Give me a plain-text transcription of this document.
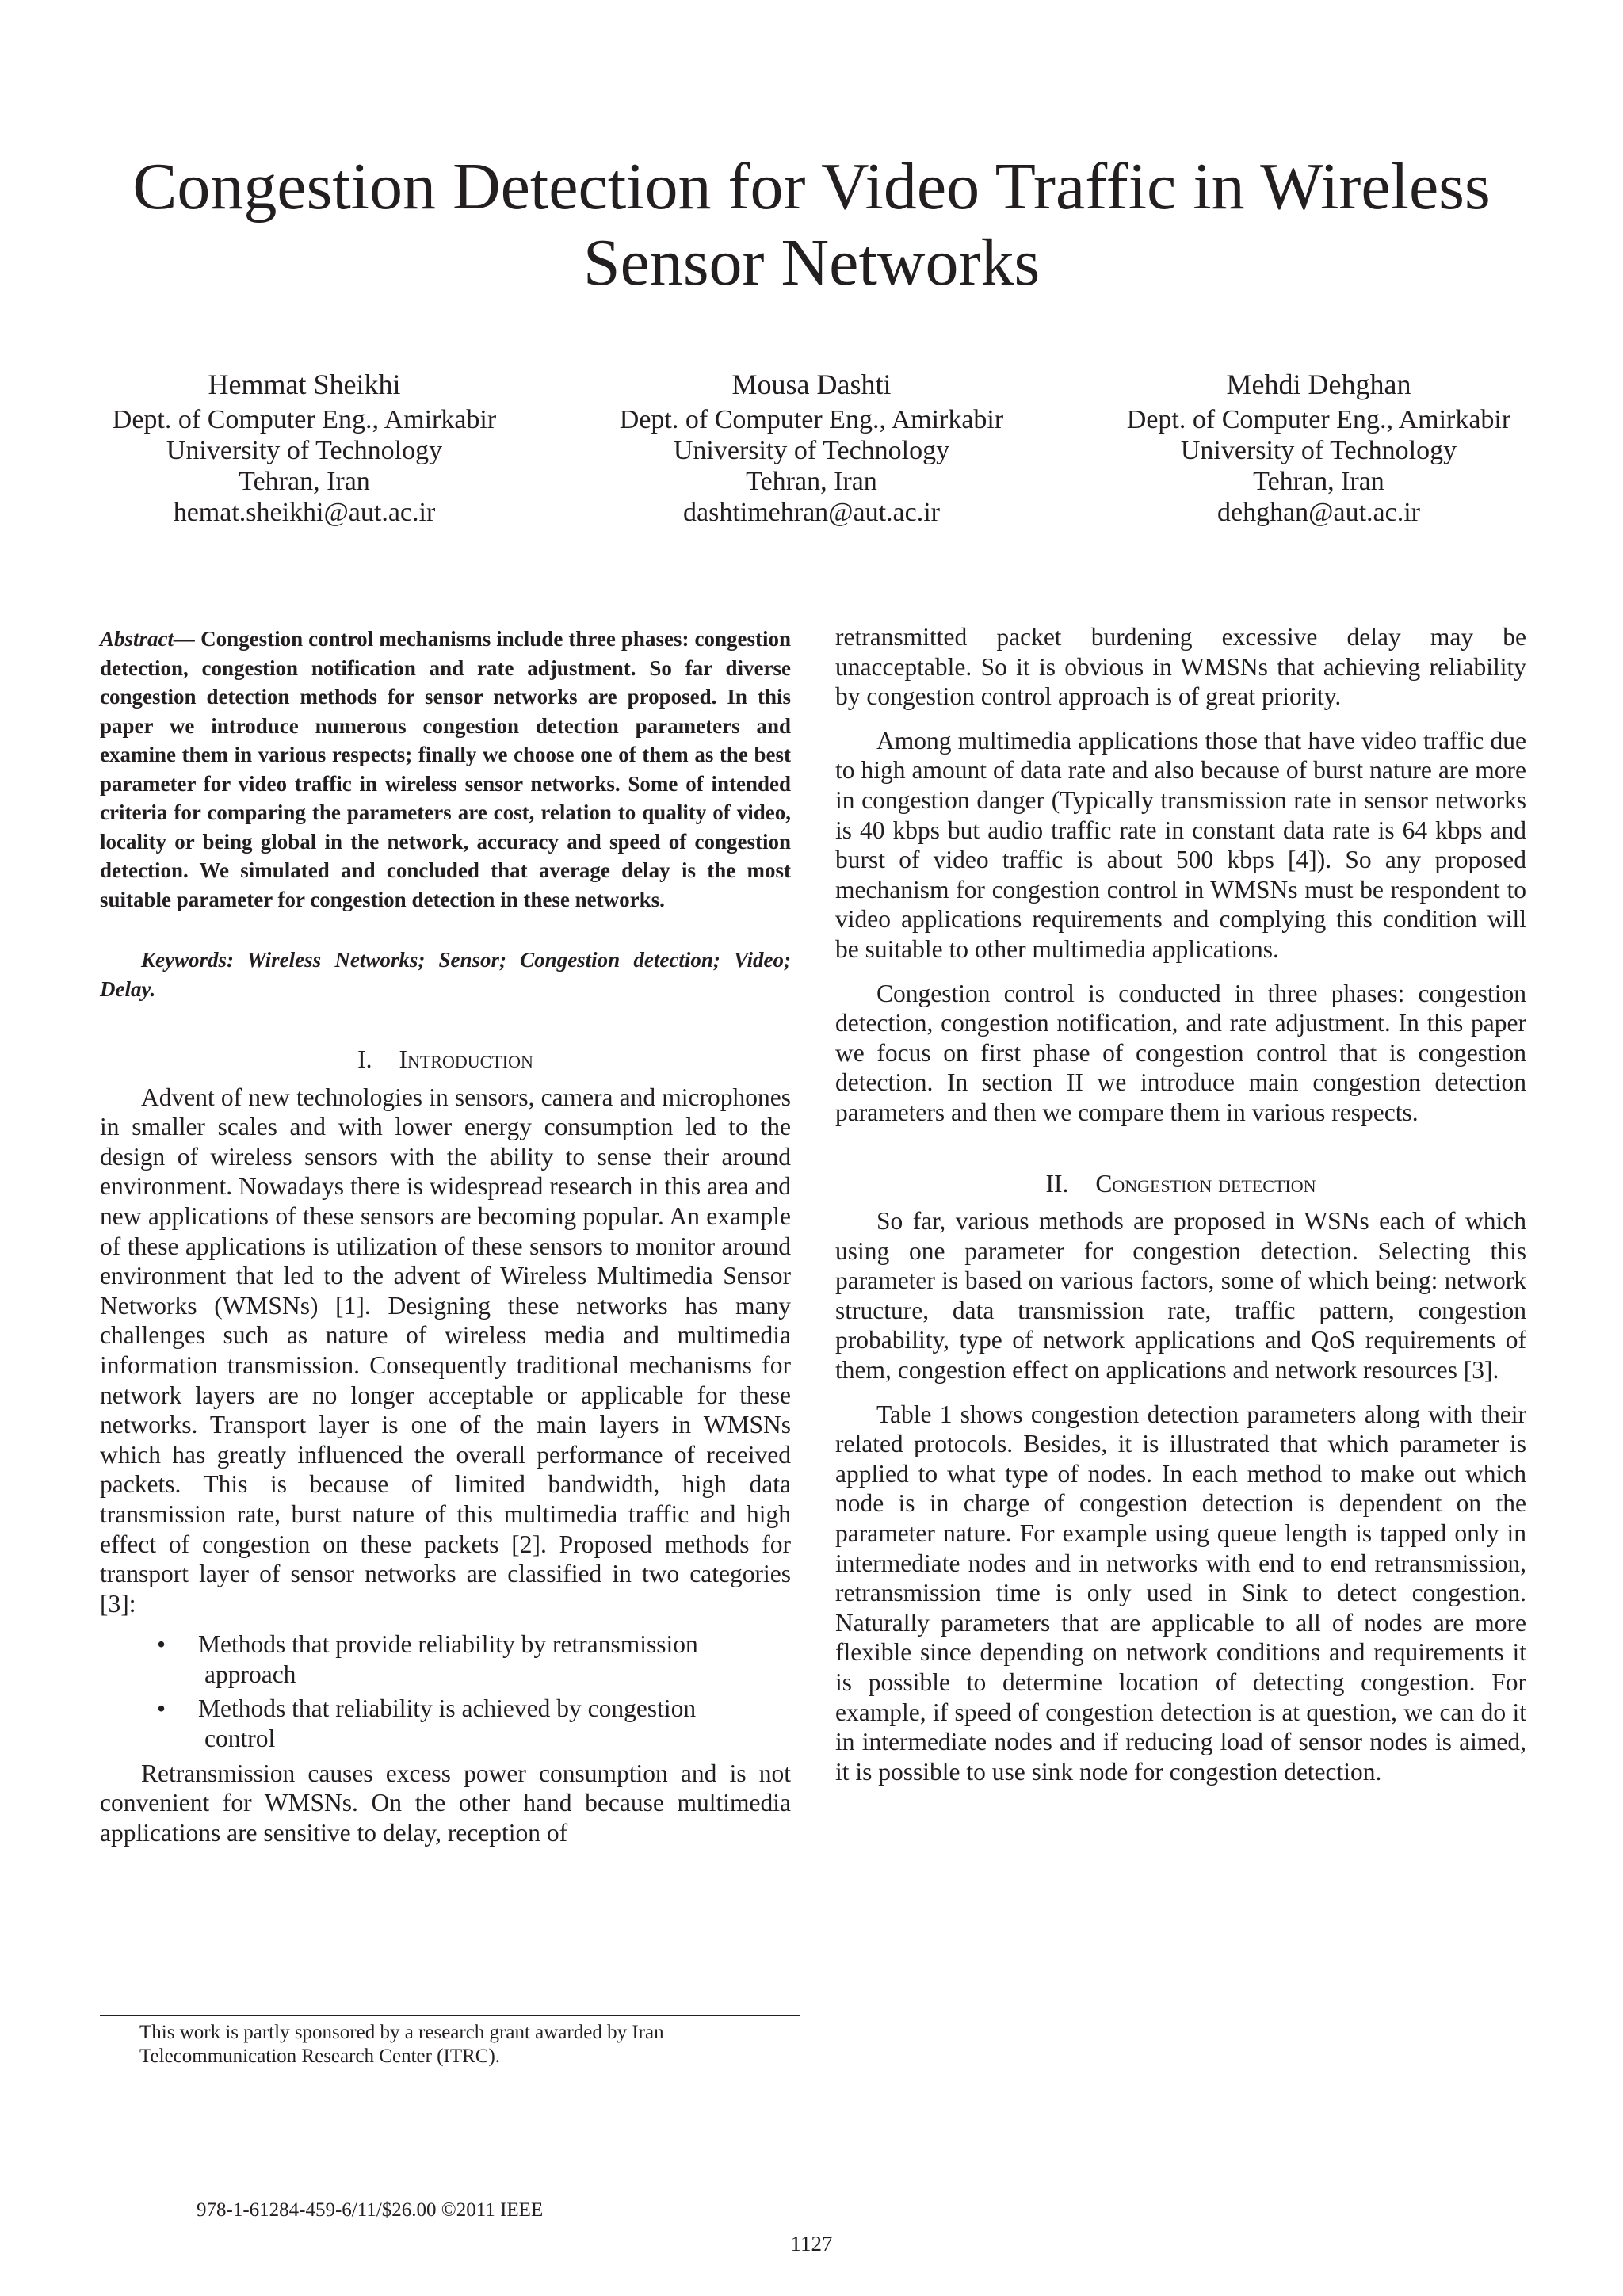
Congestion Detection for Video Traffic in Wireless Sensor Networks
Hemmat Sheikhi
Dept. of Computer Eng., Amirkabir
University of Technology
Tehran, Iran
hemat.sheikhi@aut.ac.ir
Mousa Dashti
Dept. of Computer Eng., Amirkabir
University of Technology
Tehran, Iran
dashtimehran@aut.ac.ir
Mehdi Dehghan
Dept. of Computer Eng., Amirkabir
University of Technology
Tehran, Iran
dehghan@aut.ac.ir

Abstract— Congestion control mechanisms include three phases: congestion detection, congestion notification and rate adjustment. So far diverse congestion detection methods for sensor networks are proposed. In this paper we introduce numerous congestion detection parameters and examine them in various respects; finally we choose one of them as the best parameter for video traffic in wireless sensor networks. Some of intended criteria for comparing the parameters are cost, relation to quality of video, locality or being global in the network, accuracy and speed of congestion detection. We simulated and concluded that average delay is the most suitable parameter for congestion detection in these networks.

Keywords: Wireless Networks; Sensor; Congestion detection; Video; Delay.

I. Introduction

Advent of new technologies in sensors, camera and microphones in smaller scales and with lower energy consumption led to the design of wireless sensors with the ability to sense their around environment. Nowadays there is widespread research in this area and new applications of these sensors are becoming popular. An example of these applications is utilization of these sensors to monitor around environment that led to the advent of Wireless Multimedia Sensor Networks (WMSNs) [1]. Designing these networks has many challenges such as nature of wireless media and multimedia information transmission. Consequently traditional mechanisms for network layers are no longer acceptable or applicable for these networks. Transport layer is one of the main layers in WMSNs which has greatly influenced the overall performance of received packets. This is because of limited bandwidth, high data transmission rate, burst nature of this multimedia traffic and high effect of congestion on these packets [2]. Proposed methods for transport layer of sensor networks are classified in two categories [3]:

• Methods that provide reliability by retransmission
approach
• Methods that reliability is achieved by congestion
control

Retransmission causes excess power consumption and is not convenient for WMSNs. On the other hand because multimedia applications are sensitive to delay, reception of

retransmitted packet burdening excessive delay may be unacceptable. So it is obvious in WMSNs that achieving reliability by congestion control approach is of great priority.

Among multimedia applications those that have video traffic due to high amount of data rate and also because of burst nature are more in congestion danger (Typically transmission rate in sensor networks is 40 kbps but audio traffic rate in constant data rate is 64 kbps and burst of video traffic is about 500 kbps [4]). So any proposed mechanism for congestion control in WMSNs must be respondent to video applications requirements and complying this condition will be suitable to other multimedia applications.

Congestion control is conducted in three phases: congestion detection, congestion notification, and rate adjustment. In this paper we focus on first phase of congestion control that is congestion detection. In section II we introduce main congestion detection parameters and then we compare them in various respects.

II. Congestion detection

So far, various methods are proposed in WSNs each of which using one parameter for congestion detection. Selecting this parameter is based on various factors, some of which being: network structure, data transmission rate, traffic pattern, congestion probability, type of network applications and QoS requirements of them, congestion effect on applications and network resources [3].

Table 1 shows congestion detection parameters along with their related protocols. Besides, it is illustrated that which parameter is applied to what type of nodes. In each method to make out which node is in charge of congestion detection is dependent on the parameter nature. For example using queue length is tapped only in intermediate nodes and in networks with end to end retransmission, retransmission time is only used in Sink to detect congestion. Naturally parameters that are applicable to all of nodes are more flexible since depending on network conditions and requirements it is possible to determine location of detecting congestion. For example, if speed of congestion detection is at question, we can do it in intermediate nodes and if reducing load of sensor nodes is aimed, it is possible to use sink node for congestion detection.

This work is partly sponsored by a research grant awarded by Iran Telecommunication Research Center (ITRC).
978-1-61284-459-6/11/$26.00 ©2011 IEEE
1127
